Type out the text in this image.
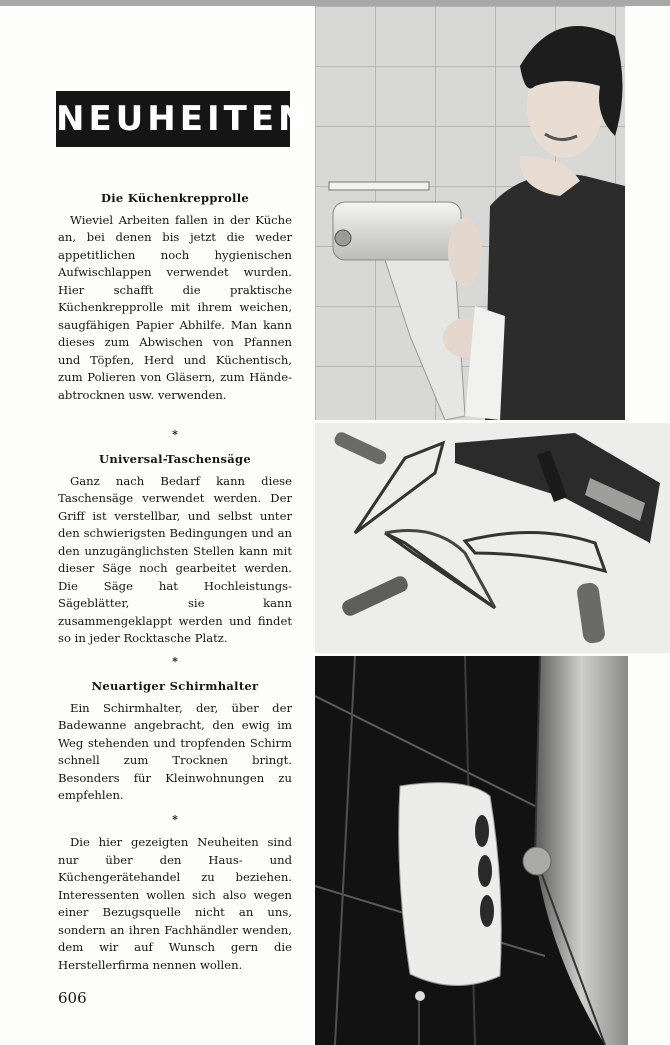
NEUHEITEN
Die Küchenkrepprolle

Wieviel Arbeiten fallen in der Küche an, bei denen bis jetzt die weder appetitlichen noch hygienischen Aufwischlappen verwendet wurden. Hier schafft die praktische Küchenkrepprolle mit ihrem weichen, saugfähigen Papier Abhilfe. Man kann dieses zum Abwischen von Pfannen und Töpfen, Herd und Küchentisch, zum Polieren von Gläsern, zum Händeabtrocknen usw. verwenden.

*
Universal-Taschensäge

Ganz nach Bedarf kann diese Taschensäge verwendet werden. Der Griff ist verstellbar, und selbst unter den schwierigsten Bedingungen und an den unzugänglichsten Stellen kann mit dieser Säge noch gearbeitet werden. Die Säge hat Hochleistungs-Sägeblätter, sie kann zusammengeklappt werden und findet so in jeder Rocktasche Platz.

*
Neuartiger Schirmhalter

Ein Schirmhalter, der, über der Badewanne angebracht, den ewig im Weg stehenden und tropfenden Schirm schnell zum Trocknen bringt. Besonders für Kleinwohnungen zu empfehlen.

*

Die hier gezeigten Neuheiten sind nur über den Haus- und Küchengerätehandel zu beziehen. Interessenten wollen sich also wegen einer Bezugsquelle nicht an uns, sondern an ihren Fachhändler wenden, dem wir auf Wunsch gern die Herstellerfirma nennen wollen.

606
